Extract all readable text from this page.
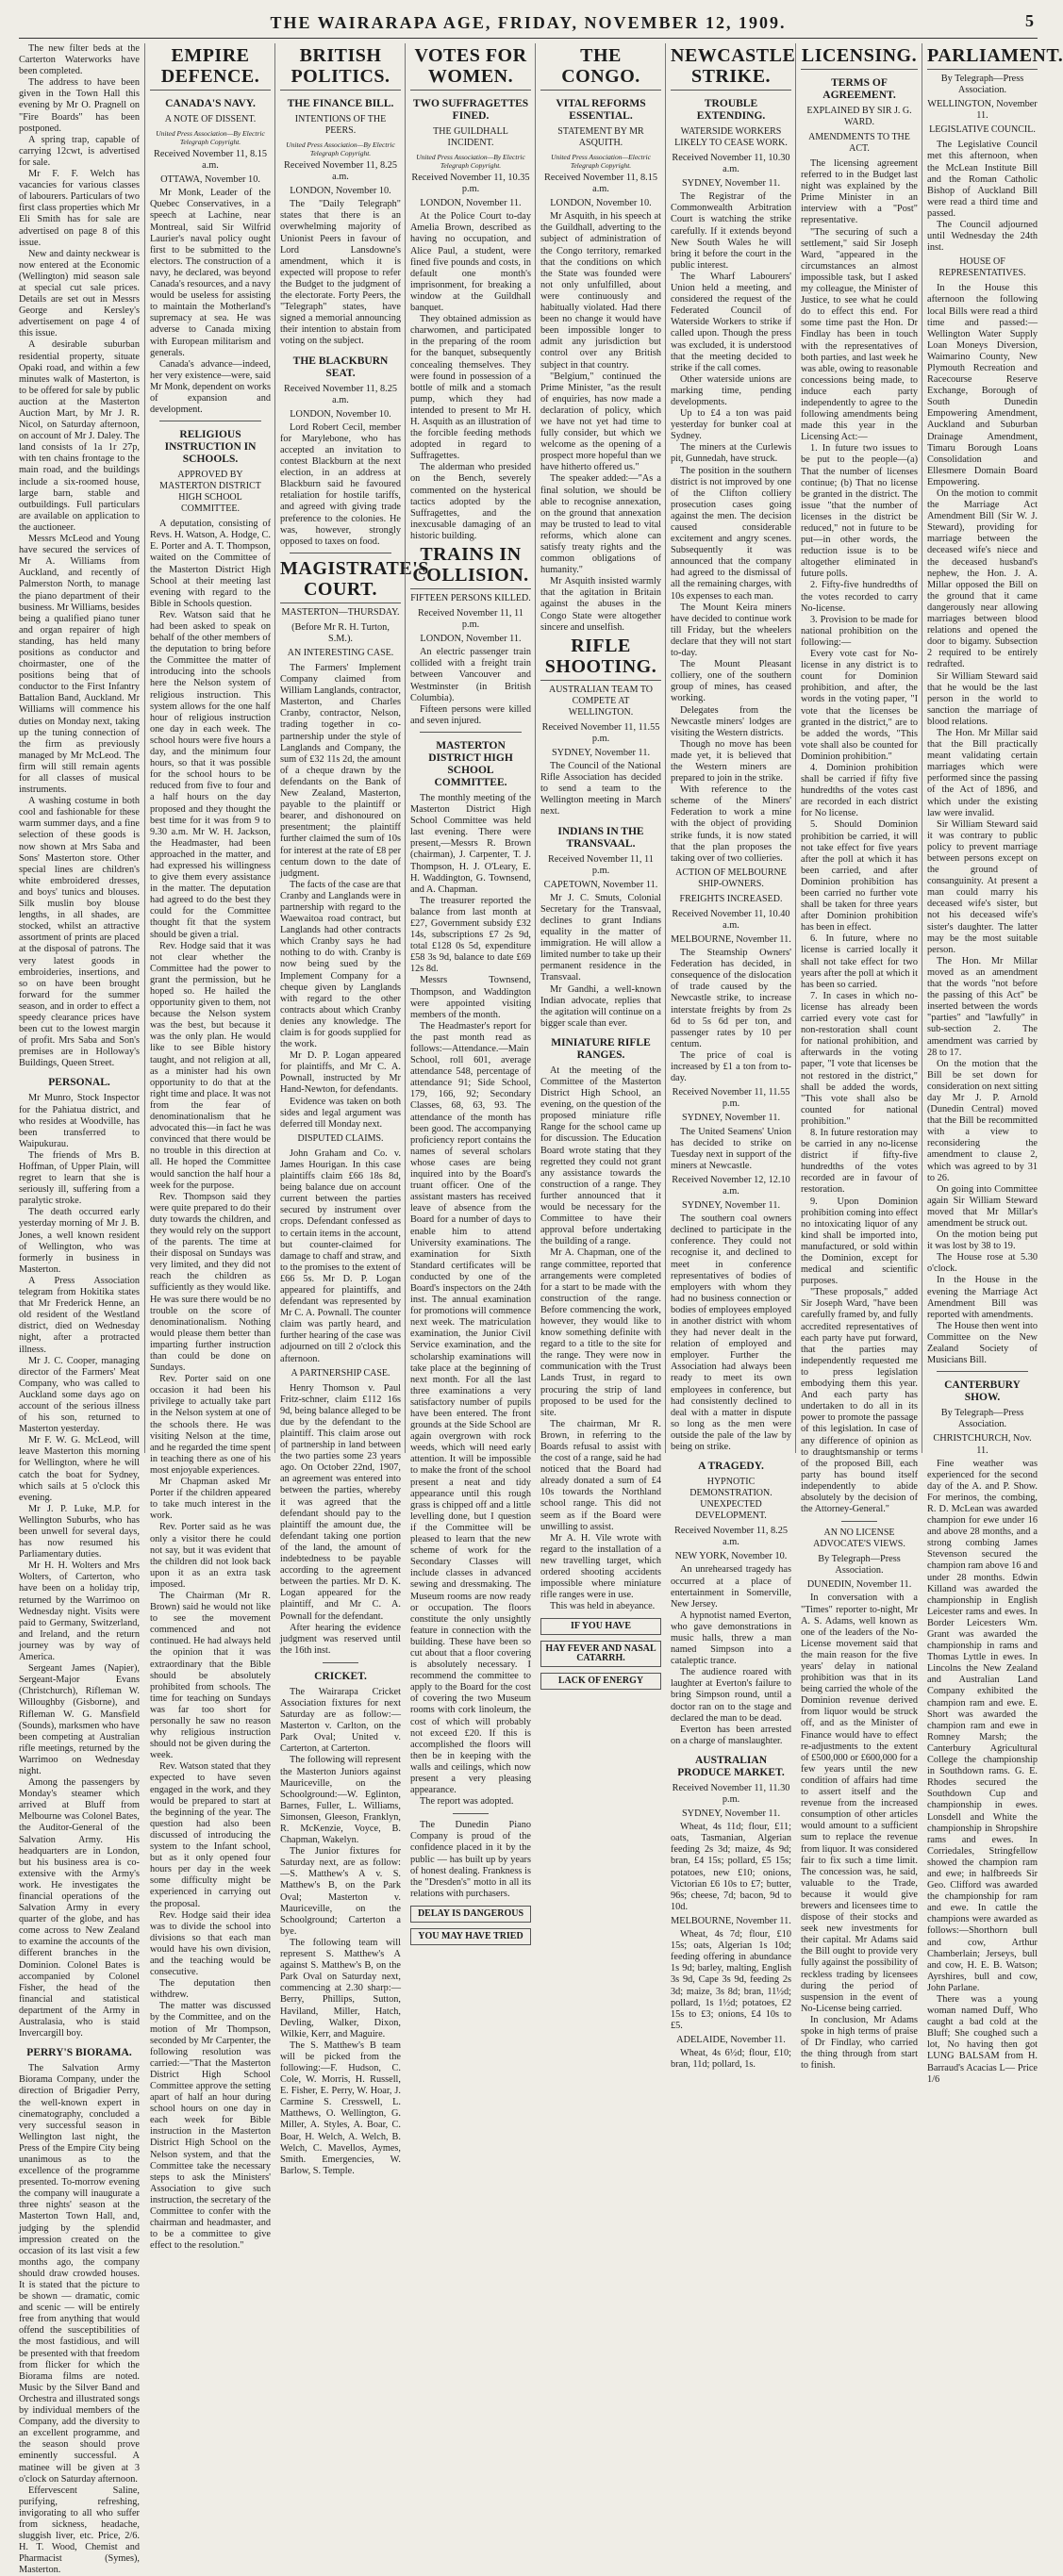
THE WAIRARAPA AGE, FRIDAY, NOVEMBER 12, 1909.	5

The new filter beds at the Carterton Waterworks have been completed.

The address to have been given in the Town Hall this evening by Mr O. Pragnell on "Fire Boards" has been postponed.

A spring trap, capable of carrying 12cwt, is advertised for sale.

Mr F. F. Welch has vacancies for various classes of labourers. Particulars of two first class properties which Mr Eli Smith has for sale are advertised on page 8 of this issue.

New and dainty neckwear is now entered at the Economic (Wellington) mid season sale at special cut sale prices. Details are set out in Messrs George and Kersley's advertisement on page 4 of this issue.

A desirable suburban residential property, situate Opaki road, and within a few minutes walk of Masterton, is to be offered for sale by public auction at the Masterton Auction Mart, by Mr J. R. Nicol, on Saturday afternoon, on account of Mr J. Daley. The land consists of 1a 1r 27p, with ten chains frontage to the main road, and the buildings include a six-roomed house, large barn, stable and outbuildings. Full particulars are available on application to the auctioneer.

Messrs McLeod and Young have secured the services of Mr A. Williams from Auckland, and recently of Palmerston North, to manage the piano department of their business. Mr Williams, besides being a qualified piano tuner and organ repairer of high standing, has held many positions as conductor and choirmaster, one of the positions being that of conductor to the First Infantry Battalion Band, Auckland. Mr Williams will commence his duties on Monday next, taking up the tuning connection of the firm as previously managed by Mr McLeod. The firm will still remain agents for all classes of musical instruments.

A washing costume in both cool and fashionable for these warm summer days, and a fine selection of these goods is now shown at Mrs Saba and Sons' Masterton store. Other special lines are children's white embroidered dresses, and boys' tunics and blouses. Silk muslin boy blouse lengths, in all shades, are stocked, whilst an attractive assortment of prints are placed at the disposal of patrons. The very latest goods in embroideries, insertions, and so on have been brought forward for the summer season, and in order to effect a speedy clearance prices have been cut to the lowest margin of profit. Mrs Saba and Son's premises are in Holloway's Buildings, Queen Street.

PERSONAL.

Mr Munro, Stock Inspector for the Pahiatua district, and who resides at Woodville, has been transferred to Waipukurau.

The friends of Mrs B. Hoffman, of Upper Plain, will regret to learn that she is seriously ill, suffering from a paralytic stroke.

The death occurred early yesterday morning of Mr J. B. Jones, a well known resident of Wellington, who was formerly in business in Masterton.

A Press Association telegram from Hokitika states that Mr Frederick Henne, an old resident of the Westland district, died on Wednesday night, after a protracted illness.

Mr J. C. Cooper, managing director of the Farmers' Meat Company, who was called to Auckland some days ago on account of the serious illness of his son, returned to Masterton yesterday.

Mr F. W. G. McLeod, will leave Masterton this morning for Wellington, where he will catch the boat for Sydney, which sails at 5 o'clock this evening.

Mr J. P. Luke, M.P. for Wellington Suburbs, who has been unwell for several days, has now resumed his Parliamentary duties.

Mr H. H. Wolters and Mrs Wolters, of Carterton, who have been on a holiday trip, returned by the Warrimoo on Wednesday night. Visits were paid to Germany, Switzerland, and Ireland, and the return journey was by way of America.

Sergeant James (Napier), Sergeant-Major Evans (Christchurch), Rifleman W. Willoughby (Gisborne), and Rifleman W. G. Mansfield (Sounds), marksmen who have been competing at Australian rifle meetings, returned by the Warrimoo on Wednesday night.

Among the passengers by Monday's steamer which arrived at Bluff from Melbourne was Colonel Bates, the Auditor-General of the Salvation Army. His headquarters are in London, but his business area is co-extensive with the Army's work. He investigates the financial operations of the Salvation Army in every quarter of the globe, and has come across to New Zealand to examine the accounts of the different branches in the Dominion. Colonel Bates is accompanied by Colonel Fisher, the head of the financial and statistical department of the Army in Australasia, who is staid Invercargill boy.

PERRY'S BIORAMA.

The Salvation Army Biorama Company, under the direction of Brigadier Perry, the well-known expert in cinematography, concluded a very successful season in Wellington last night, the Press of the Empire City being unanimous as to the excellence of the programme presented. To-morrow evening the company will inaugurate a three nights' season at the Masterton Town Hall, and, judging by the splendid impression created on the occasion of its last visit a few months ago, the company should draw crowded houses. It is stated that the picture to be shown — dramatic, comic and scenic — will be entirely free from anything that would offend the susceptibilities of the most fastidious, and will be presented with that freedom from flicker for which the Biorama films are noted. Music by the Silver Band and Orchestra and illustrated songs by individual members of the Company, add the diversity to an excellent programme, and the season should prove eminently successful. A matinee will be given at 3 o'clock on Saturday afternoon.

Effervescent Saline, purifying, refreshing, invigorating to all who suffer from sickness, headache, sluggish liver, etc. Price, 2/6. H. T. Wood, Chemist and Pharmacist (Symes), Masterton.

EMPIRE DEFENCE.
CANADA'S NAVY.
A NOTE OF DISSENT.
United Press Association—By Electric Telegraph Copyright.
Received November 11, 8.15 a.m.
OTTAWA, November 10.

Mr Monk, Leader of the Quebec Conservatives, in a speech at Lachine, near Montreal, said Sir Wilfrid Laurier's naval policy ought first to be submitted to the electors. The construction of a navy, he declared, was beyond Canada's resources, and a navy would be useless for assisting to maintain the Motherland's supremacy at sea. He was adverse to Canada mixing with European militarism and generals.

Canada's advance—indeed, her very existence—were, said Mr Monk, dependent on works of expansion and development.

RELIGIOUS INSTRUCTION IN SCHOOLS.
APPROVED BY MASTERTON DISTRICT HIGH SCHOOL COMMITTEE.

A deputation, consisting of Revs. H. Watson, A. Hodge, C. E. Porter and A. T. Thompson, waited on the Committee of the Masterton District High School at their meeting last evening with regard to the Bible in Schools question.

Rev. Watson said that he had been asked to speak on behalf of the other members of the deputation to bring before the Committee the matter of introducing into the schools here the Nelson system of religious instruction. This system allows for the one half hour of religious instruction one day in each week. The school hours were five hours a day, and the minimum four hours, so that it was possible for the school hours to be reduced from five to four and a half hours on the day proposed and they thought the best time for it was from 9 to 9.30 a.m. Mr W. H. Jackson, the Headmaster, had been approached in the matter, and had expressed his willingness to give them every assistance in the matter. The deputation had agreed to do the best they could for the Committee thought fit that the system should be given a trial.

Rev. Hodge said that it was not clear whether the Committee had the power to grant the permission, but he hoped so. He hailed the opportunity given to them, not because the Nelson system was the best, but because it was the only plan. He would like to see Bible history taught, and not religion at all, as a minister had his own opportunity to do that at the right time and place. It was not from the fear of denominationalism that he advocated this—in fact he was convinced that there would be no trouble in this direction at all. He hoped the Committee would sanction the half hour a week for the purpose.

Rev. Thompson said they were quite prepared to do their duty towards the children, and they would rely on the support of the parents. The time at their disposal on Sundays was very limited, and they did not reach the children as sufficiently as they would like. He was sure there would be no trouble on the score of denominationalism. Nothing would please them better than imparting further instruction than could be done on Sundays.

Rev. Porter said on one occasion it had been his privilege to actually take part in the Nelson system at one of the schools there. He was visiting Nelson at the time, and he regarded the time spent in teaching there as one of his most enjoyable experiences.

Mr Chapman asked Mr Porter if the children appeared to take much interest in the work.

Rev. Porter said as he was only a visitor there he could not say, but it was evident that the children did not look back upon it as an extra task imposed.

The Chairman (Mr R. Brown) said he would not like to see the movement commenced and not continued. He had always held the opinion that it was extraordinary that the Bible should be absolutely prohibited from schools. The time for teaching on Sundays was far too short for personally he saw no reason why religious instruction should not be given during the week.

Rev. Watson stated that they expected to have seven engaged in the work, and they would be prepared to start at the beginning of the year. The question had also been discussed of introducing the system to the Infant school, but as it only opened four hours per day in the week some difficulty might be experienced in carrying out the proposal.

Rev. Hodge said their idea was to divide the school into divisions so that each man would have his own division, and the teaching would be consecutive.

The deputation then withdrew.

The matter was discussed by the Committee, and on the motion of Mr Thompson, seconded by Mr Carpenter, the following resolution was carried:—"That the Masterton District High School Committee approve the setting apart of half an hour during school hours on one day in each week for Bible instruction in the Masterton District High School on the Nelson system, and that the Committee take the necessary steps to ask the Ministers' Association to give such instruction, the secretary of the Committee to confer with the chairman and headmaster, and to be a committee to give effect to the resolution."

BRITISH POLITICS.
THE FINANCE BILL.
INTENTIONS OF THE PEERS.
United Press Association—By Electric Telegraph Copyright.
Received November 11, 8.25 a.m.
LONDON, November 10.

The "Daily Telegraph" states that there is an overwhelming majority of Unionist Peers in favour of Lord Lansdowne's amendment, which it is expected will propose to refer the Budget to the judgment of the electorate. Forty Peers, the "Telegraph" states, have signed a memorial announcing their intention to abstain from voting on the subject.

THE BLACKBURN SEAT.
Received November 11, 8.25 a.m.
LONDON, November 10.

Lord Robert Cecil, member for Marylebone, who has accepted an invitation to contest Blackburn at the next election, in an address at Blackburn said he favoured retaliation for hostile tariffs, and agreed with giving trade preference to the colonies. He was, however, strongly opposed to taxes on food.

MAGISTRATE'S COURT.
MASTERTON—THURSDAY.
(Before Mr R. H. Turton, S.M.).
AN INTERESTING CASE.

The Farmers' Implement Company claimed from William Langlands, contractor, Masterton, and Charles Cranby, contractor, Nelson, trading together in co-partnership under the style of Langlands and Company, the sum of £32 11s 2d, the amount of a cheque drawn by the defendants on the Bank of New Zealand, Masterton, payable to the plaintiff or bearer, and dishonoured on presentment; the plaintiff further claimed the sum of 10s for interest at the rate of £8 per centum down to the date of judgment.

The facts of the case are that Cranby and Langlands were in partnership with regard to the Waewaitoa road contract, but Langlands had other contracts which Cranby says he had nothing to do with. Cranby is now being sued by the Implement Company for a cheque given by Langlands with regard to the other contracts about which Cranby denies any knowledge. The claim is for goods supplied for the work.

Mr D. P. Logan appeared for plaintiffs, and Mr C. A. Pownall, instructed by Mr Hand-Newton, for defendants.

Evidence was taken on both sides and legal argument was deferred till Monday next.

DISPUTED CLAIMS.

John Graham and Co. v. James Hourigan. In this case plaintiffs claim £66 18s 8d, being balance due on account current between the parties secured by instrument over crops. Defendant confessed as to certain items in the account, but counter-claimed for damage to chaff and straw, and to the promises to the extent of £66 5s. Mr D. P. Logan appeared for plaintiffs, and defendant was represented by Mr C. A. Pownall. The counter claim was partly heard, and further hearing of the case was adjourned on till 2 o'clock this afternoon.

A PARTNERSHIP CASE.

Henry Thomson v. Paul Fritz-schner, claim £112 16s 9d, being balance alleged to be due by the defendant to the plaintiff. This claim arose out of partnership in land between the two parties some 23 years ago. On October 22nd, 1907, an agreement was entered into between the parties, whereby it was agreed that the defendant should pay to the plaintiff the amount due, the defendant taking one portion of the land, the amount of indebtedness to be payable according to the agreement between the parties. Mr D. K. Logan appeared for the plaintiff, and Mr C. A. Pownall for the defendant.

After hearing the evidence judgment was reserved until the 16th inst.

CRICKET.

The Wairarapa Cricket Association fixtures for next Saturday are as follow:—Masterton v. Carlton, on the Park Oval; United v. Carterton, at Carterton.

The following will represent the Masterton Juniors against Mauriceville, on the Schoolground:—W. Eglinton, Barnes, Fuller, L. Williams, Simonsen, Gleeson, Franklyn, R. McKenzie, Voyce, B. Chapman, Wakelyn.

The Junior fixtures for Saturday next, are as follow:—S. Matthew's A v. S. Matthew's B, on the Park Oval; Masterton v. Mauriceville, on the Schoolground; Carterton a bye.

The following team will represent S. Matthew's A against S. Matthew's B, on the Park Oval on Saturday next, commencing at 2.30 sharp:—Berry, Phillips, Sutton, Haviland, Miller, Hatch, Devling, Walker, Dixon, Wilkie, Kerr, and Maguire.

The S. Matthew's B team will be picked from the following:—F. Hudson, C. Cole, W. Morris, H. Russell, E. Fisher, E. Perry, W. Hoar, J. Carmine S. Cresswell, L. Matthews, O. Wellington, G. Miller, A. Styles, A. Boar, C. Boar, H. Welch, A. Welch, B. Welch, C. Mavellos, Aymes, Smith. Emergencies, W. Barlow, S. Temple.

VOTES FOR WOMEN.
TWO SUFFRAGETTES FINED.
THE GUILDHALL INCIDENT.
United Press Association—By Electric Telegraph Copyright.
Received November 11, 10.35 p.m.
LONDON, November 11.

At the Police Court to-day Amelia Brown, described as having no occupation, and Alice Paul, a student, were fined five pounds and costs, in default one month's imprisonment, for breaking a window at the Guildhall banquet.

They obtained admission as charwomen, and participated in the preparing of the room for the banquet, subsequently concealing themselves. They were found in possession of a bottle of milk and a stomach pump, which they had intended to present to Mr H. H. Asquith as an illustration of the forcible feeding methods adopted in regard to Suffragettes.

The alderman who presided on the Bench, severely commented on the hysterical tactics adopted by the Suffragettes, and the inexcusable damaging of an historic building.

TRAINS IN COLLISION.
FIFTEEN PERSONS KILLED.
Received November 11, 11 p.m.
LONDON, November 11.

An electric passenger train collided with a freight train between Vancouver and Westminster (in British Columbia).

Fifteen persons were killed and seven injured.

MASTERTON DISTRICT HIGH SCHOOL COMMITTEE.

The monthly meeting of the Masterton District High School Committee was held last evening. There were present,—Messrs R. Brown (chairman), J. Carpenter, T. J. Thompson, H. J. O'Leary, E. H. Waddington, G. Townsend, and A. Chapman.

The treasurer reported the balance from last month at £27, Government subsidy £32 14s, subscriptions £7 2s 9d, total £128 0s 5d, expenditure £58 3s 9d, balance to date £69 12s 8d.

Messrs Townsend, Thompson, and Waddington were appointed visiting members of the month.

The Headmaster's report for the past month read as follows:—Attendance.—Main School, roll 601, average attendance 548, percentage of attendance 91; Side School, 179, 166, 92; Secondary Classes, 68, 63, 93. The attendance of the month has been good. The accompanying proficiency report contains the names of several scholars whose cases are being inquired into by the Board's truant officer. One of the assistant masters has received leave of absence from the Board for a number of days to enable him to attend University examinations. The examination for Sixth Standard certificates will be conducted by one of the Board's inspectors on the 24th inst. The annual examination for promotions will commence next week. The matriculation examination, the Junior Civil Service examination, and the scholarship examinations will take place at the beginning of next month. For all the last three examinations a very satisfactory number of pupils have been entered. The front grounds at the Side School are again overgrown with rock weeds, which will need early attention. It will be impossible to make the front of the school present a neat and tidy appearance until this rough grass is chipped off and a little levelling done, but I question if the Committee will be pleased to learn that the new scheme of work for the Secondary Classes will include classes in advanced sewing and dressmaking. The Museum rooms are now ready or occupation. The floors constitute the only unsightly feature in connection with the building. These have been so cut about that a floor covering is absolutely necessary. I recommend the committee to apply to the Board for the cost of covering the two Museum rooms with cork linoleum, the cost of which will probably not exceed £20. If this is accomplished the floors will then be in keeping with the walls and ceilings, which now present a very pleasing appearance.

The report was adopted.

The Dunedin Piano Company is proud of the confidence placed in it by the public — has built up by years of honest dealing. Frankness is the "Dresden's" motto in all its relations with purchasers.

DELAY IS DANGEROUS
YOU MAY HAVE TRIED
THE CONGO.
VITAL REFORMS ESSENTIAL.
STATEMENT BY MR ASQUITH.
United Press Association—Electric Telegraph Copyright.
Received November 11, 8.15 a.m.
LONDON, November 10.

Mr Asquith, in his speech at the Guildhall, adverting to the subject of administration of the Congo territory, remarked that the conditions on which the State was founded were not only unfulfilled, about were continuously and habitually violated. Had there been no change it would have been impossible longer to admit any jurisdiction but control over any British subject in that country.

"Belgium," continued the Prime Minister, "as the result of enquiries, has now made a declaration of policy, which we have not yet had time to fully consider, but which we welcome as the opening of a prospect more hopeful than we have hitherto offered us."

The speaker added:—"As a final solution, we should be able to recognise annexation, on the ground that annexation may be trusted to lead to vital reforms, which alone can satisfy treaty rights and the common obligations of humanity."

Mr Asquith insisted warmly that the agitation in Britain against the abuses in the Congo State were altogether sincere and unselfish.

RIFLE SHOOTING.
AUSTRALIAN TEAM TO COMPETE AT WELLINGTON.
Received November 11, 11.55 p.m.
SYDNEY, November 11.

The Council of the National Rifle Association has decided to send a team to the Wellington meeting in March next.

INDIANS IN THE TRANSVAAL.
Received November 11, 11 p.m.
CAPETOWN, November 11.

Mr J. C. Smuts, Colonial Secretary for the Transvaal, declines to grant Indians equality in the matter of immigration. He will allow a limited number to take up their permanent residence in the Transvaal.

Mr Gandhi, a well-known Indian advocate, replies that the agitation will continue on a bigger scale than ever.

MINIATURE RIFLE RANGES.

At the meeting of the Committee of the Masterton District High School, an evening, on the question of the proposed miniature rifle Range for the school came up for discussion. The Education Board wrote stating that they regretted they could not grant any assistance towards the construction of a range. They further announced that it would be necessary for the Committee to have their approval before undertaking the building of a range.

Mr A. Chapman, one of the range committee, reported that arrangements were completed for a start to be made with the construction of the range. Before commencing the work, however, they would like to know something definite with regard to a title to the site for the range. They were now in communication with the Trust Lands Trust, in regard to procuring the strip of land proposed to be used for the site.

The chairman, Mr R. Brown, in referring to the Boards refusal to assist with the cost of a range, said he had noticed that the Board had already donated a sum of £4 10s towards the Northland school range. This did not seem as if the Board were unwilling to assist.

Mr A. H. Vile wrote with regard to the installation of a new travelling target, which ordered shooting accidents impossible where miniature rifle ranges were in use.

This was held in abeyance.

IF YOU HAVE
HAY FEVER AND NASAL CATARRH.
LACK OF ENERGY
NEWCASTLE STRIKE.
TROUBLE EXTENDING.
WATERSIDE WORKERS LIKELY TO CEASE WORK.
Received November 11, 10.30 a.m.
SYDNEY, November 11.

The Registrar of the Commonwealth Arbitration Court is watching the strike carefully. If it extends beyond New South Wales he will bring it before the court in the public interest.

The Wharf Labourers' Union held a meeting, and considered the request of the Federated Council of Waterside Workers to strike if called upon. Though the press was excluded, it is understood that the meeting decided to strike if the call comes.

Other waterside unions are marking time, pending developments.

Up to £4 a ton was paid yesterday for bunker coal at Sydney.

The miners at the Curlewis pit, Gunnedah, have struck.

The position in the southern district is not improved by one of the Clifton colliery prosecution cases going against the men. The decision caused considerable excitement and angry scenes. Subsequently it was announced that the company had agreed to the dismissal of all the remaining charges, with 10s expenses to each man.

The Mount Keira miners have decided to continue work till Friday, but the wheelers declare that they will not start to-day.

The Mount Pleasant colliery, one of the southern group of mines, has ceased working.

Delegates from the Newcastle miners' lodges are visiting the Western districts.

Though no move has been made yet, it is believed that the Western miners are prepared to join in the strike.

With reference to the scheme of the Miners' Federation to work a mine with the object of providing strike funds, it is now stated that the plan proposes the taking over of two collieries.

ACTION OF MELBOURNE SHIP-OWNERS.
FREIGHTS INCREASED.
Received November 11, 10.40 a.m.
MELBOURNE, November 11.

The Steamship Owners' Federation has decided, in consequence of the dislocation of trade caused by the Newcastle strike, to increase interstate freights by from 2s 6d to 5s 6d per ton, and passenger rates by 10 per centum.

The price of coal is increased by £1 a ton from to-day.

Received November 11, 11.55 p.m.
SYDNEY, November 11.

The United Seamens' Union has decided to strike on Tuesday next in support of the miners at Newcastle.

Received November 12, 12.10 a.m.
SYDNEY, November 11.

The southern coal owners declined to participate in the conference. They could not recognise it, and declined to meet in conference representatives of bodies of employers with whom they had no business connection or bodies of employees employed in another district with whom they had never dealt in the relation of employed and employer. Further the Association had always been ready to meet its own employees in conference, but had consistently declined to deal with a matter in dispute so long as the men were outside the pale of the law by being on strike.

A TRAGEDY.
HYPNOTIC DEMONSTRATION. UNEXPECTED DEVELOPMENT.
Received November 11, 8.25 a.m.
NEW YORK, November 10.

An unrehearsed tragedy has occurred at a place of entertainment in Somerville, New Jersey.

A hypnotist named Everton, who gave demonstrations in music halls, threw a man named Simpson into a cataleptic trance.

The audience roared with laughter at Everton's failure to bring Simpson round, until a doctor ran on to the stage and declared the man to be dead.

Everton has been arrested on a charge of manslaughter.

AUSTRALIAN PRODUCE MARKET.
Received November 11, 11.30 p.m.
SYDNEY, November 11.

Wheat, 4s 11d; flour, £11; oats, Tasmanian, Algerian feeding 2s 3d; maize, 4s 9d; bran, £4 15s; pollard, £5 15s; potatoes, new £10; onions, Victorian £6 10s to £7; butter, 96s; cheese, 7d; bacon, 9d to 10d.

MELBOURNE, November 11.

Wheat, 4s 7d; flour, £10 15s; oats, Algerian 1s 10d; feeding offering in abundance 1s 9d; barley, malting, English 3s 9d, Cape 3s 9d, feeding 2s 3d; maize, 3s 8d; bran, 11½d; pollard, 1s 1½d; potatoes, £2 15s to £3; onions, £4 10s to £5.

ADELAIDE, November 11.

Wheat, 4s 6½d; flour, £10; bran, 11d; pollard, 1s.

LICENSING.
TERMS OF AGREEMENT.
EXPLAINED BY SIR J. G. WARD.
AMENDMENTS TO THE ACT.

The licensing agreement referred to in the Budget last night was explained by the Prime Minister in an interview with a "Post" representative.

"The securing of such a settlement," said Sir Joseph Ward, "appeared in the circumstances an almost impossible task, but I asked my colleague, the Minister of Justice, to see what he could do to effect this end. For some time past the Hon. Dr Findlay has been in touch with the representatives of both parties, and last week he was able, owing to reasonable concessions being made, to induce each party independently to agree to the following amendments being made this year in the Licensing Act:—

1. In future two issues to be put to the people—(a) That the number of licenses continue; (b) That no license be granted in the district. The issue "that the number of licenses in the district be reduced," not in future to be put—in other words, the reduction issue is to be altogether eliminated in future polls.

2. Fifty-five hundredths of the votes recorded to carry No-license.

3. Provision to be made for national prohibition on the following:—

Every vote cast for No-license in any district is to count for Dominion prohibition, and after, the words in the voting paper, "I vote that the licenses be granted in the district," are to be added the words, "This vote shall also be counted for Dominion prohibition."

4. Dominion prohibition shall be carried if fifty five hundredths of the votes cast are recorded in each district for No license.

5. Should Dominion prohibition be carried, it will not take effect for five years after the poll at which it has been carried, and after Dominion prohibition has been carried no further vote shall be taken for three years after Dominion prohibition has been in effect.

6. In future, where no license is carried locally it shall not take effect for two years after the poll at which it has been so carried.

7. In cases in which no-license has already been carried every vote cast for non-restoration shall count for national prohibition, and afterwards in the voting paper, "I vote that licenses be not restored in the district," shall be added the words, "This vote shall also be counted for national prohibition."

8. In future restoration may be carried in any no-license district if fifty-five hundredths of the votes recorded are in favour of restoration.

9. Upon Dominion prohibition coming into effect no intoxicating liquor of any kind shall be imported into, manufactured, or sold within the Dominion, except for medical and scientific purposes.

"These proposals," added Sir Joseph Ward, "have been carefully framed by, and fully accredited representatives of each party have put forward, that the parties may independently requested me to press legislation embodying them this year. And each party has undertaken to do all in its power to promote the passage of this legislation. In case of any difference of opinion as to draughtsmanship or terms of the proposed Bill, each party has bound itself independently to abide absolutely by the decision of the Attorney-General."

AN NO LICENSE ADVOCATE'S VIEWS.
By Telegraph—Press Association.
DUNEDIN, November 11.

In conversation with a "Times" reporter to-night, Mr A. S. Adams, well known as one of the leaders of the No-License movement said that the main reason for the five years' delay in national prohibition was that in its being carried the whole of the Dominion revenue derived from liquor would be struck off, and as the Minister of Finance would have to effect re-adjustments to the extent of £500,000 or £600,000 for a few years until the new condition of affairs had time to assert itself and the revenue from the increased consumption of other articles would amount to a sufficient sum to replace the revenue from liquor. It was considered fair to fix such a time limit. The concession was, he said, valuable to the Trade, because it would give brewers and licensees time to dispose of their stocks and seek new investments for their capital. Mr Adams said the Bill ought to provide very fully against the possibility of reckless trading by licensees during the period of suspension in the event of No-License being carried.

In conclusion, Mr Adams spoke in high terms of praise of Dr Findlay, who carried the thing through from start to finish.

PARLIAMENT.
By Telegraph—Press Association.
WELLINGTON, November 11.
LEGISLATIVE COUNCIL.

The Legislative Council met this afternoon, when the McLean Institute Bill and the Roman Catholic Bishop of Auckland Bill were read a third time and passed.

The Council adjourned until Wednesday the 24th inst.

HOUSE OF REPRESENTATIVES.

In the House this afternoon the following local Bills were read a third time and passed:—Wellington Water Supply Loan Moneys Diversion, Waimarino County, New Plymouth Recreation and Racecourse Reserve Exchange, Borough of South Dunedin Empowering Amendment, Auckland and Suburban Drainage Amendment, Timaru Borough Loans Consolidation and Ellesmere Domain Board Empowering.

On the motion to commit the Marriage Act Amendment Bill (Sir W. J. Steward), providing for marriage between the deceased wife's niece and the deceased husband's nephew, the Hon. J. A. Millar opposed the Bill on the ground that it came dangerously near allowing marriages between blood relations and opened the door to bigamy. Subsection 2 required to be entirely redrafted.

Sir William Steward said that he would be the last person in the world to sanction the marriage of blood relations.

The Hon. Mr Millar said that the Bill practically meant validating certain marriages which were performed since the passing of the Act of 1896, and which under the existing law were invalid.

Sir William Steward said it was contrary to public policy to prevent marriage between persons except on the ground of consanguinity. At present a man could marry his deceased wife's sister, but not his deceased wife's sister's daughter. The latter may be the most suitable person.

The Hon. Mr Millar moved as an amendment that the words "not before the passing of this Act" be inserted between the words "parties" and "lawfully" in sub-section 2. The amendment was carried by 28 to 17.

On the motion that the Bill be set down for consideration on next sitting day Mr J. P. Arnold (Dunedin Central) moved that the Bill be recommitted with a view to reconsidering the amendment to clause 2, which was agreed to by 31 to 26.

On going into Committee again Sir William Steward moved that Mr Millar's amendment be struck out.

On the motion being put it was lost by 38 to 19.

The House rose at 5.30 o'clock.

In the House in the evening the Marriage Act Amendment Bill was reported with amendments.

The House then went into Committee on the New Zealand Society of Musicians Bill.

CANTERBURY SHOW.
By Telegraph—Press Association.
CHRISTCHURCH, Nov. 11.

Fine weather was experienced for the second day of the A. and P. Show. For merinos, the combing, R. D. McLean was awarded champion for ewe under 16 and above 28 months, and a strong combing James Stevenson secured the champion ram above 16 and under 28 months. Edwin Killand was awarded the championship in English Leicester rams and ewes. In Border Leicesters Wm. Grant was awarded the championship in rams and Thomas Lyttle in ewes. In Lincolns the New Zealand and Australian Land Company exhibited the champion ram and ewe. E. Short was awarded the champion ram and ewe in Romney Marsh; the Canterbury Agricultural College the championship in Southdown rams. G. E. Rhodes secured the Southdown Cup and championship in ewes. Lonsdell and White the championship in Shropshire rams and ewes. In Corriedales, Stringfellow showed the champion ram and ewe; in halfbreeds Sir Geo. Clifford was awarded the championship for ram and ewe. In cattle the champions were awarded as follows:—Shorthorn bull and cow, Arthur Chamberlain; Jerseys, bull and cow, H. E. B. Watson; Ayrshires, bull and cow, John Parlane.

There was a young woman named Duff, Who caught a bad cold at the Bluff; She coughed such a lot, No having then got LUNG BALSAM from H. Barraud's Acacias L— Price 1/6
